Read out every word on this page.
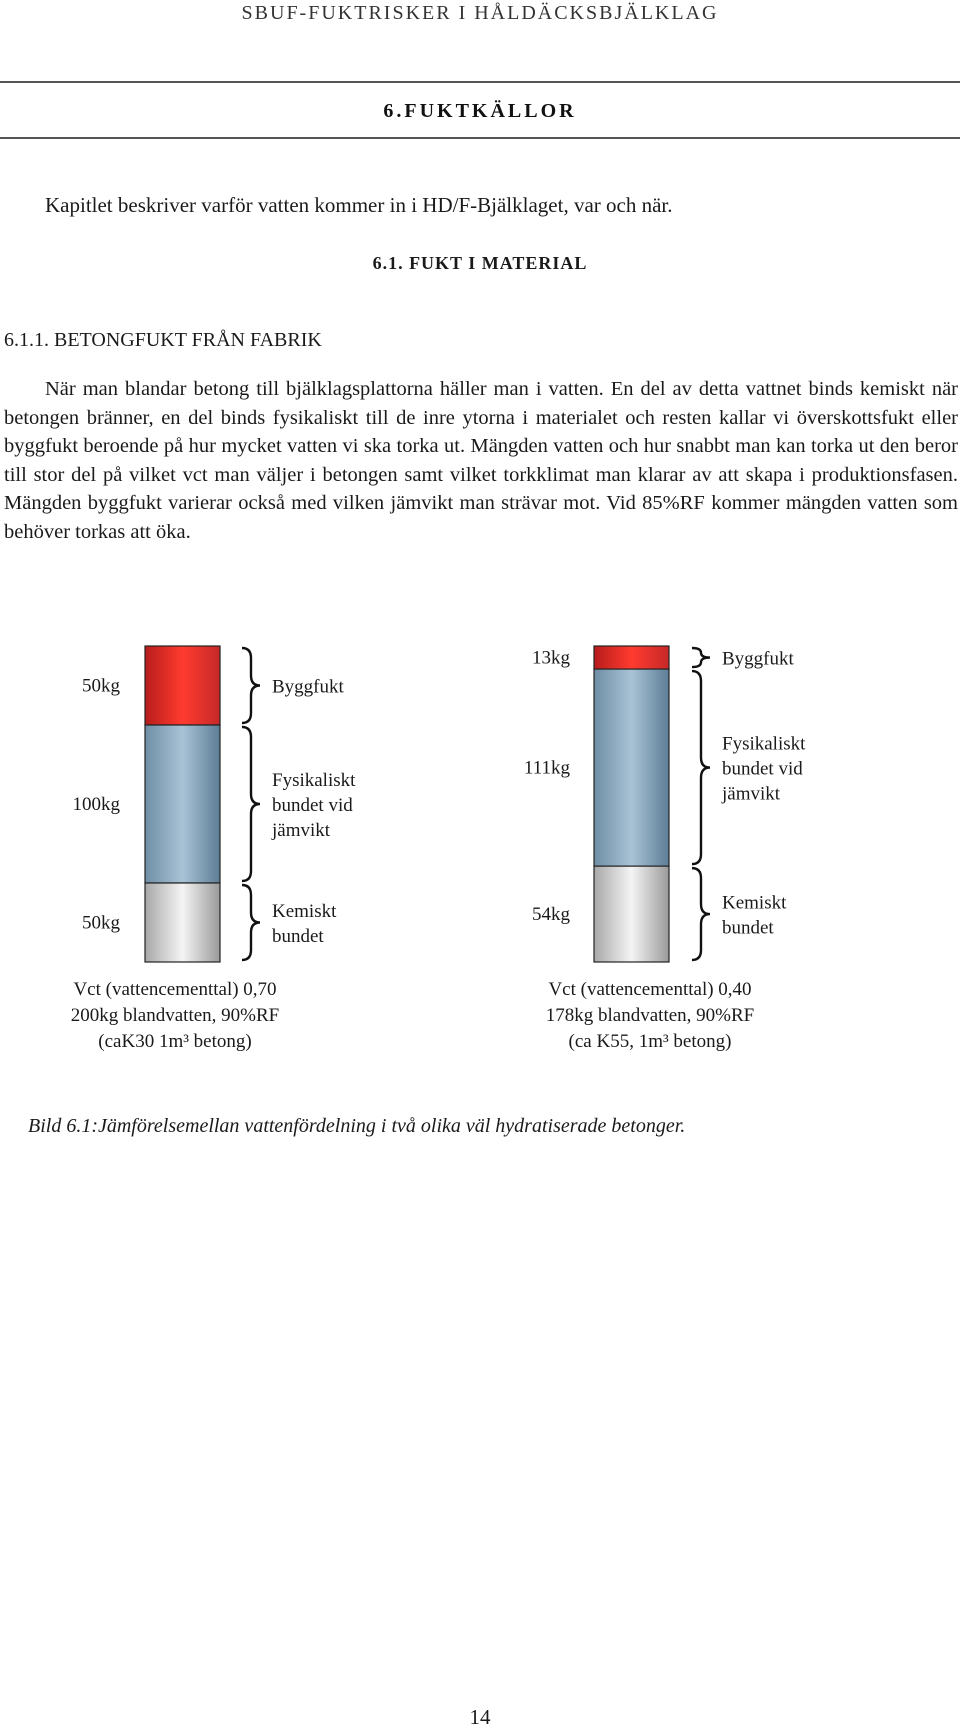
SBUF-FUKTRISKER I HÅLDÄCKSBJÄLKLAG
6.FUKTKÄLLOR
Kapitlet beskriver varför vatten kommer in i HD/F-Bjälklaget, var och när.
6.1. FUKT I MATERIAL
6.1.1. BETONGFUKT FRÅN FABRIK

När man blandar betong till bjälklagsplattorna häller man i vatten. En del av detta vattnet binds kemiskt när betongen bränner, en del binds fysikaliskt till de inre ytorna i materialet och resten kallar vi överskottsfukt eller byggfukt beroende på hur mycket vatten vi ska torka ut. Mängden vatten och hur snabbt man kan torka ut den beror till stor del på vilket vct man väljer i betongen samt vilket torkklimat man klarar av att skapa i produktionsfasen. Mängden byggfukt varierar också med vilken jämvikt man strävar mot. Vid 85%RF kommer mängden vatten som behöver torkas att öka.

50kg	Byggfukt
100kg
Fysikaliskt
bundet vid
jämvikt
50kg
Kemiskt
bundet
13kg	Byggfukt
111kg
Fysikaliskt
bundet vid
jämvikt
54kg
Kemiskt
bundet
Vct (vattencementtal) 0,70
200kg blandvatten, 90%RF
(caK30 1m³ betong)
Vct (vattencementtal) 0,40
178kg blandvatten, 90%RF
(ca K55, 1m³ betong)
Bild 6.1:Jämförelsemellan vattenfördelning i två olika väl hydratiserade betonger.
14
